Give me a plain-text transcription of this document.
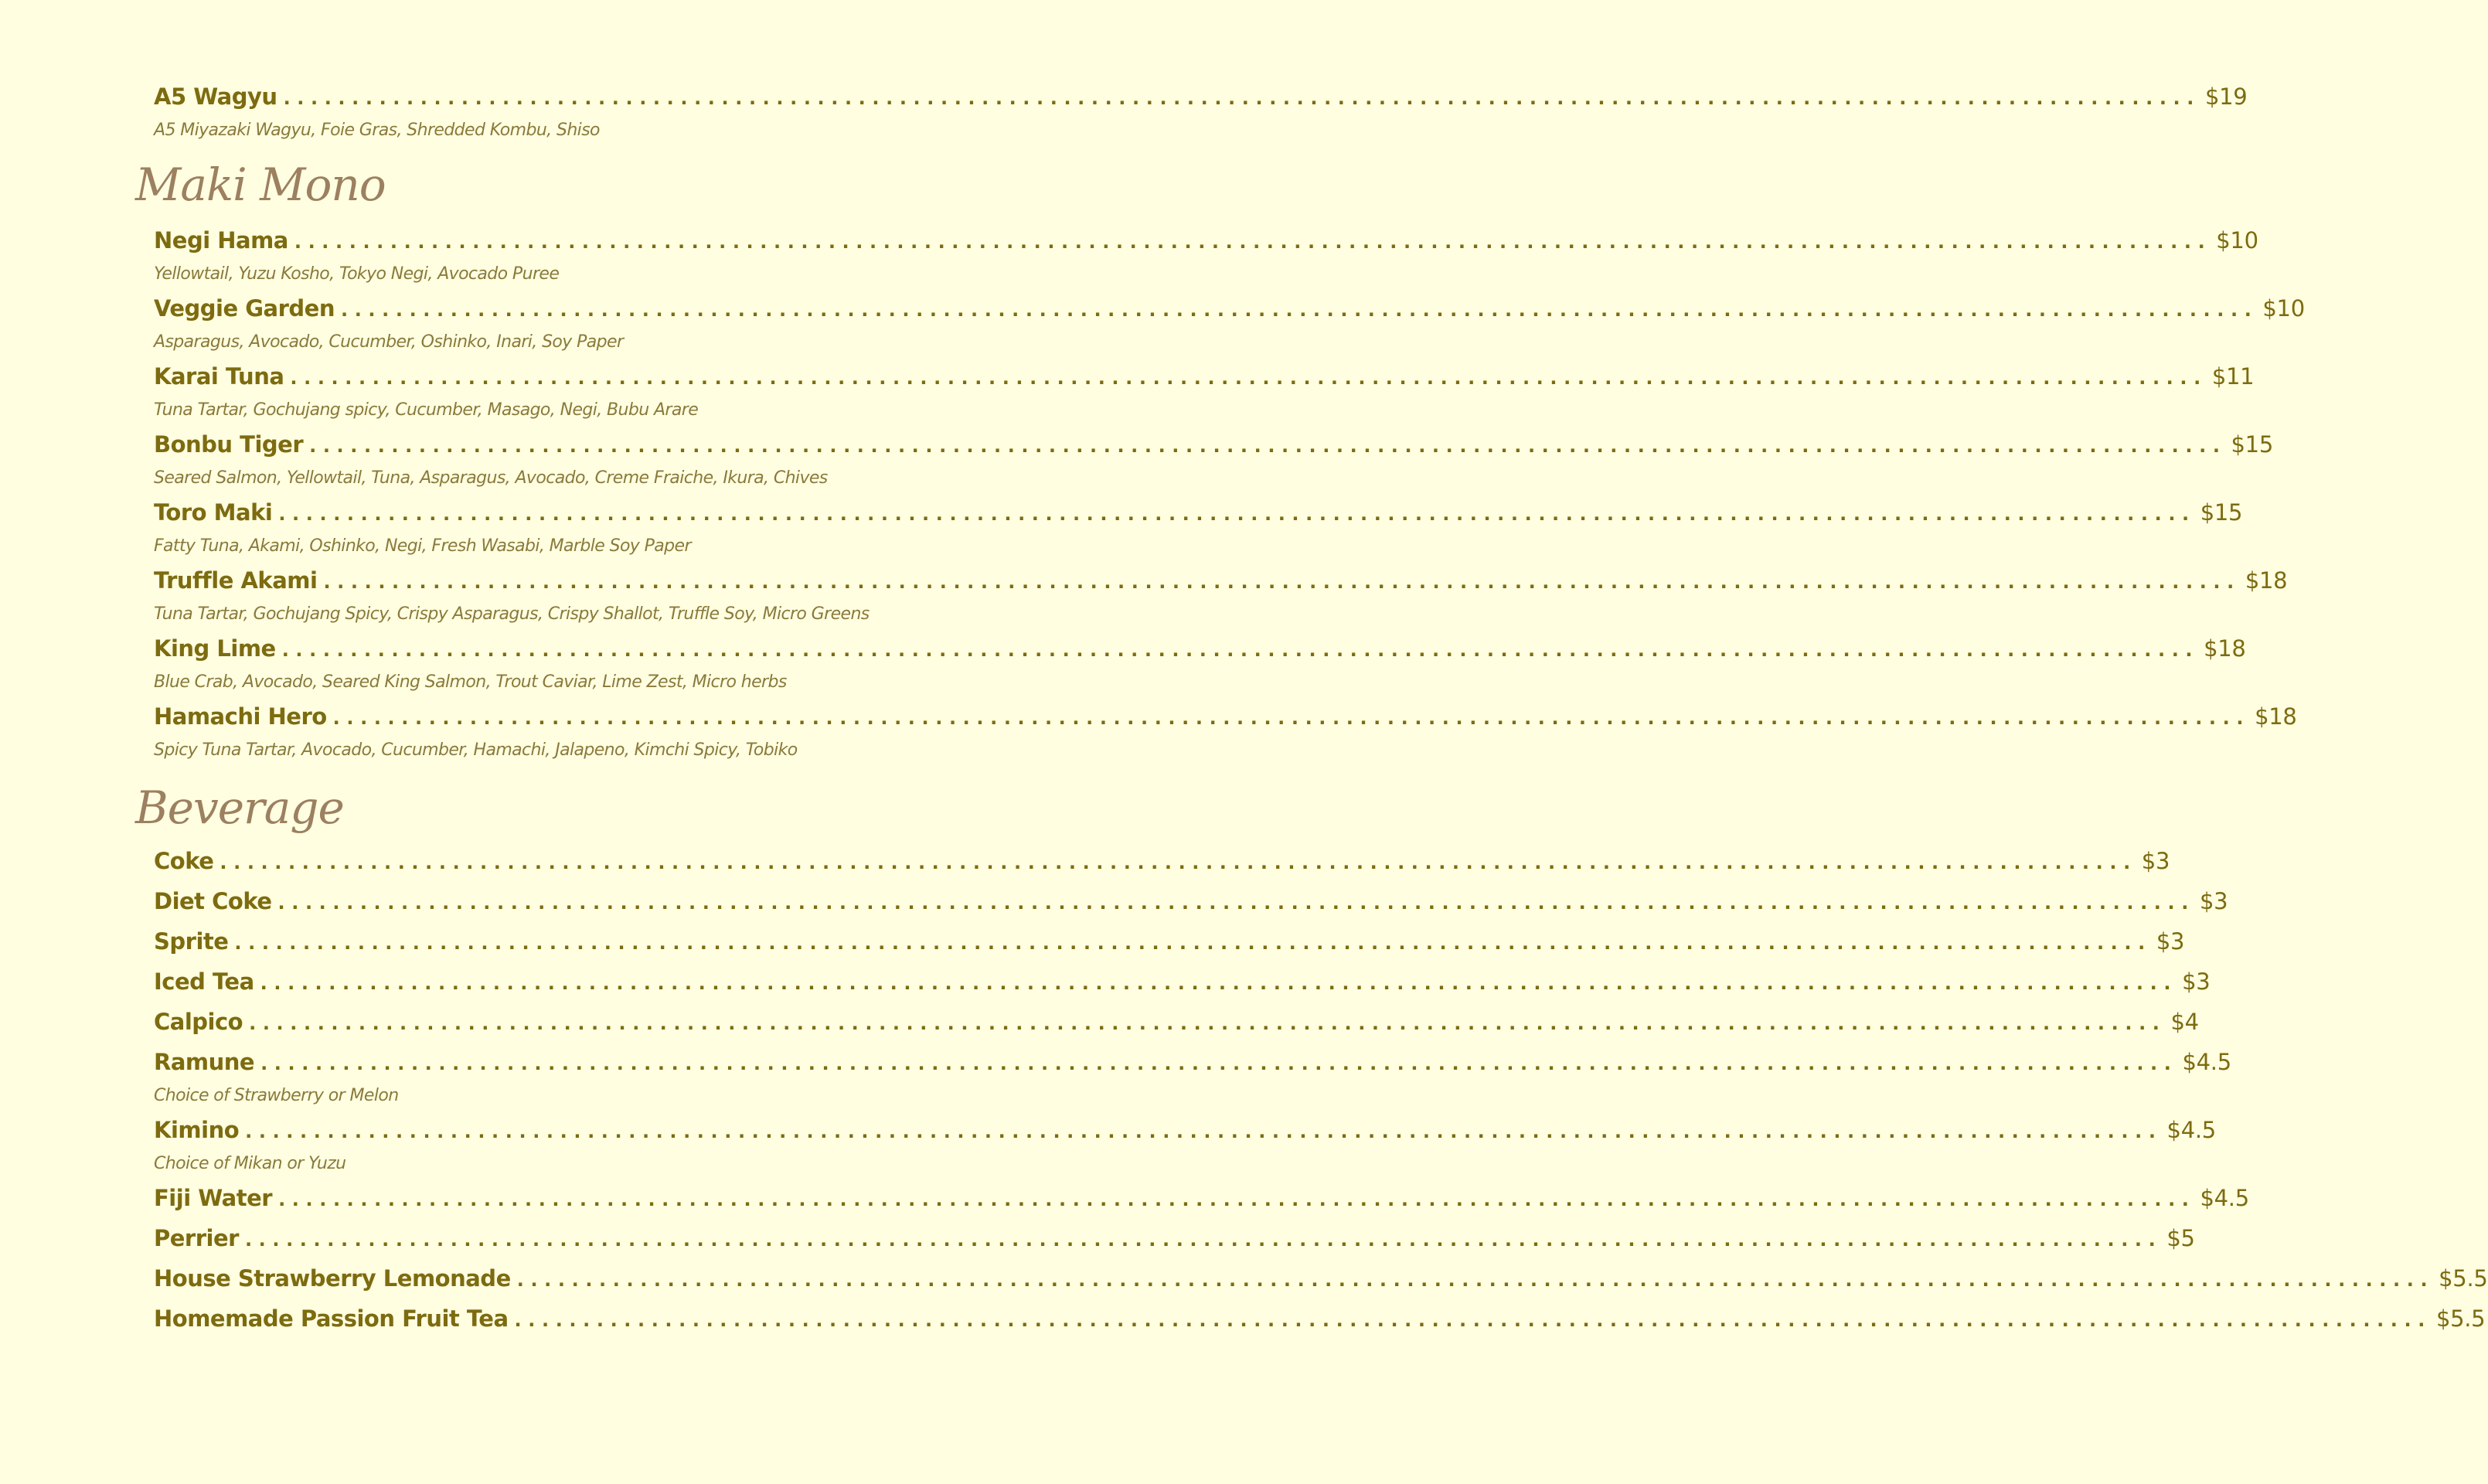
A5 Wagyu ............................................................................................................................................ $19
A5 Miyazaki Wagyu, Foie Gras, Shredded Kombu, Shiso
Maki Mono
Negi Hama ............................................................................................................................................ $10
Yellowtail, Yuzu Kosho, Tokyo Negi, Avocado Puree
Veggie Garden ............................................................................................................................................ $10
Asparagus, Avocado, Cucumber, Oshinko, Inari, Soy Paper
Karai Tuna ............................................................................................................................................ $11
Tuna Tartar, Gochujang spicy, Cucumber, Masago, Negi, Bubu Arare
Bonbu Tiger ............................................................................................................................................ $15
Seared Salmon, Yellowtail, Tuna, Asparagus, Avocado, Creme Fraiche, Ikura, Chives
Toro Maki ............................................................................................................................................ $15
Fatty Tuna, Akami, Oshinko, Negi, Fresh Wasabi, Marble Soy Paper
Truffle Akami ............................................................................................................................................ $18
Tuna Tartar, Gochujang Spicy, Crispy Asparagus, Crispy Shallot, Truffle Soy, Micro Greens
King Lime ............................................................................................................................................ $18
Blue Crab, Avocado, Seared King Salmon, Trout Caviar, Lime Zest, Micro herbs
Hamachi Hero ............................................................................................................................................ $18
Spicy Tuna Tartar, Avocado, Cucumber, Hamachi, Jalapeno, Kimchi Spicy, Tobiko
Beverage
Coke ............................................................................................................................................ $3
Diet Coke ............................................................................................................................................ $3
Sprite ............................................................................................................................................ $3
Iced Tea ............................................................................................................................................ $3
Calpico ............................................................................................................................................ $4
Ramune ............................................................................................................................................ $4.5
Choice of Strawberry or Melon
Kimino ............................................................................................................................................ $4.5
Choice of Mikan or Yuzu
Fiji Water ............................................................................................................................................ $4.5
Perrier ............................................................................................................................................ $5
House Strawberry Lemonade ............................................................................................................................................ $5.5
Homemade Passion Fruit Tea ............................................................................................................................................ $5.5
